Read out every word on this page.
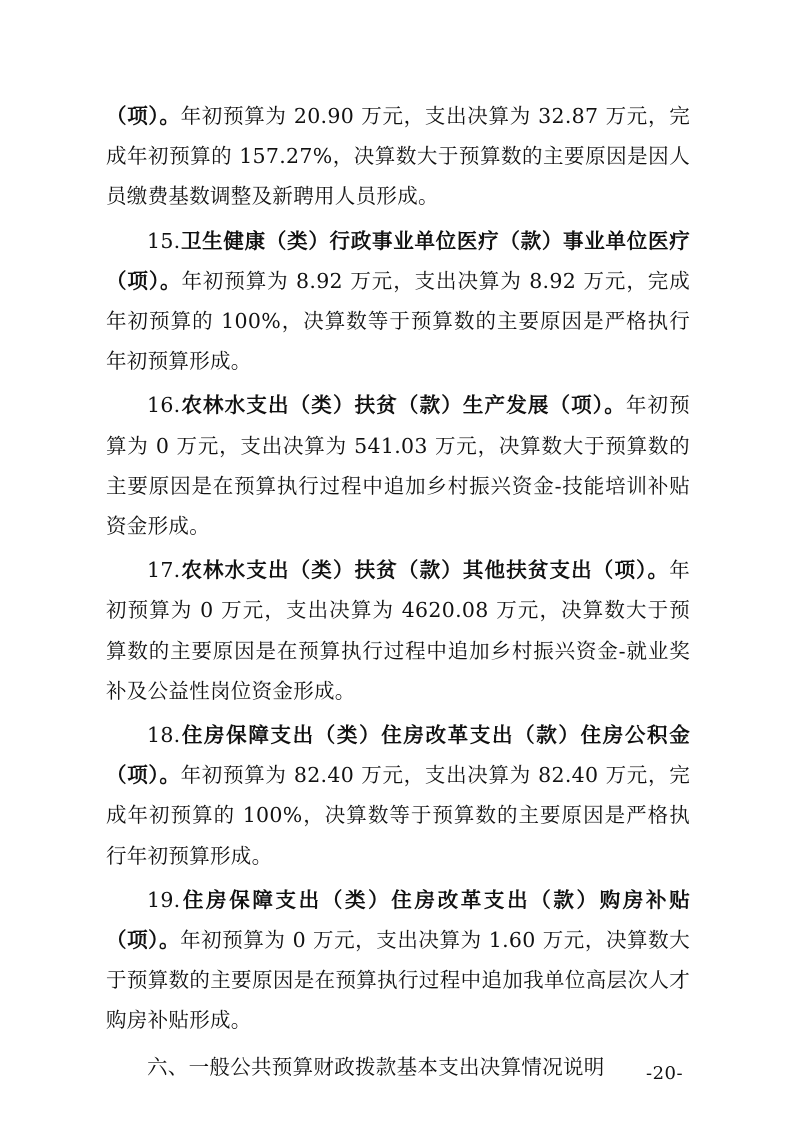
（项）。年初预算为 20.90 万元，支出决算为 32.87 万元，完成年初预算的 157.27%，决算数大于预算数的主要原因是因人员缴费基数调整及新聘用人员形成。

15.卫生健康（类）行政事业单位医疗（款）事业单位医疗（项）。年初预算为 8.92 万元，支出决算为 8.92 万元，完成年初预算的 100%，决算数等于预算数的主要原因是严格执行年初预算形成。

16.农林水支出（类）扶贫（款）生产发展（项）。年初预算为 0 万元，支出决算为 541.03 万元，决算数大于预算数的主要原因是在预算执行过程中追加乡村振兴资金-技能培训补贴资金形成。

17.农林水支出（类）扶贫（款）其他扶贫支出（项）。年初预算为 0 万元，支出决算为 4620.08 万元，决算数大于预算数的主要原因是在预算执行过程中追加乡村振兴资金-就业奖补及公益性岗位资金形成。

18.住房保障支出（类）住房改革支出（款）住房公积金（项）。年初预算为 82.40 万元，支出决算为 82.40 万元，完成年初预算的 100%，决算数等于预算数的主要原因是严格执行年初预算形成。

19.住房保障支出（类）住房改革支出（款）购房补贴（项）。年初预算为 0 万元，支出决算为 1.60 万元，决算数大于预算数的主要原因是在预算执行过程中追加我单位高层次人才购房补贴形成。

六、一般公共预算财政拨款基本支出决算情况说明	-20-
